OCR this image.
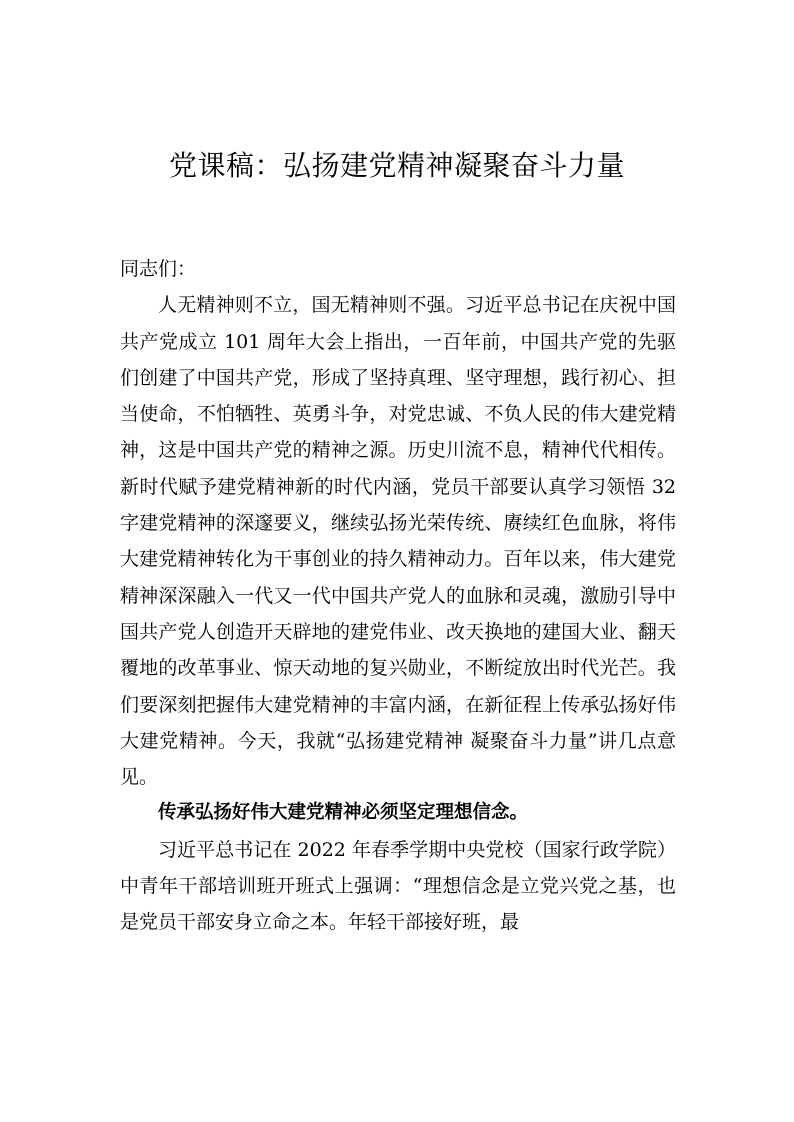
党课稿：弘扬建党精神凝聚奋斗力量

同志们：

人无精神则不立，国无精神则不强。习近平总书记在庆祝中国共产党成立 101 周年大会上指出，一百年前，中国共产党的先驱们创建了中国共产党，形成了坚持真理、坚守理想，践行初心、担当使命，不怕牺牲、英勇斗争，对党忠诚、不负人民的伟大建党精神，这是中国共产党的精神之源。历史川流不息，精神代代相传。新时代赋予建党精神新的时代内涵，党员干部要认真学习领悟 32 字建党精神的深邃要义，继续弘扬光荣传统、赓续红色血脉，将伟大建党精神转化为干事创业的持久精神动力。百年以来，伟大建党精神深深融入一代又一代中国共产党人的血脉和灵魂，激励引导中国共产党人创造开天辟地的建党伟业、改天换地的建国大业、翻天覆地的改革事业、惊天动地的复兴勋业，不断绽放出时代光芒。我们要深刻把握伟大建党精神的丰富内涵，在新征程上传承弘扬好伟大建党精神。今天，我就“弘扬建党精神 凝聚奋斗力量”讲几点意见。

传承弘扬好伟大建党精神必须坚定理想信念。

习近平总书记在 2022 年春季学期中央党校（国家行政学院）中青年干部培训班开班式上强调：“理想信念是立党兴党之基，也是党员干部安身立命之本。年轻干部接好班，最
